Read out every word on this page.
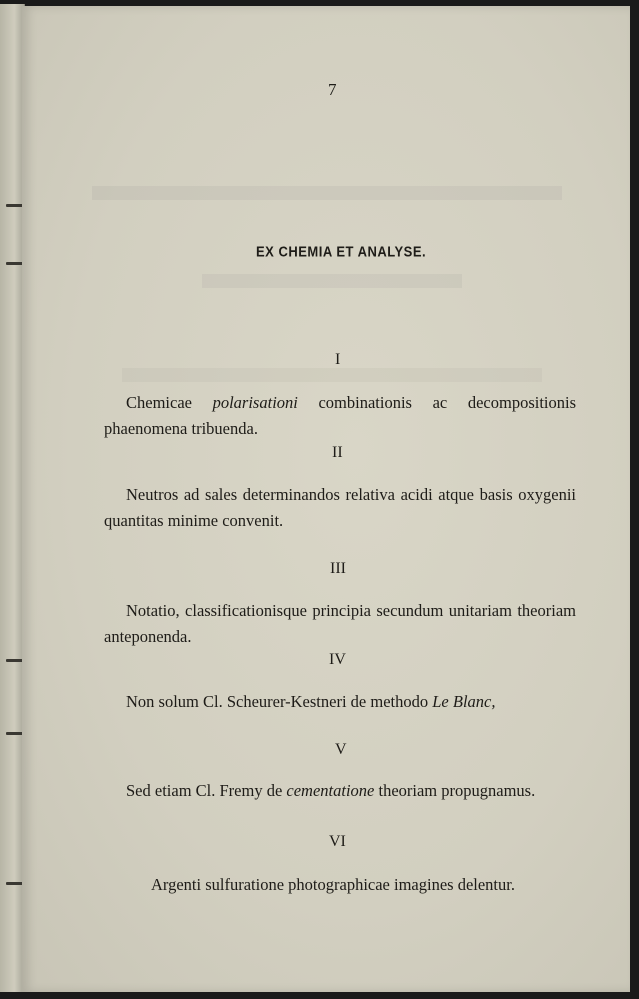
7
EX CHEMIA ET ANALYSE.
I
Chemicae polarisationi combinationis ac decompositionis phaenomena tribuenda.
II
Neutros ad sales determinandos relativa acidi atque basis oxygenii quantitas minime convenit.
III
Notatio, classificationisque principia secundum unitariam theoriam anteponenda.
IV
Non solum Cl. Scheurer-Kestneri de methodo Le Blanc,
V
Sed etiam Cl. Fremy de cementatione theoriam propugnamus.
VI
Argenti sulfuratione photographicae imagines delentur.
